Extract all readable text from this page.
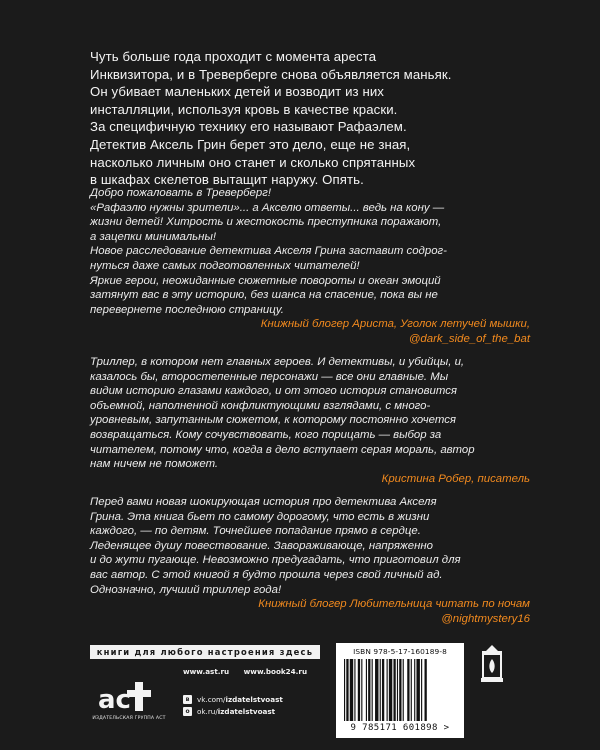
Чуть больше года проходит с момента ареста

Инквизитора, и в Треверберге снова объявляется маньяк.

Он убивает маленьких детей и возводит из них

инсталляции, используя кровь в качестве краски.

За специфичную технику его называют Рафаэлем.

Детектив Аксель Грин берет это дело, еще не зная,

насколько личным оно станет и сколько спрятанных

в шкафах скелетов вытащит наружу. Опять.

Добро пожаловать в Треверберг!
«Рафаэлю нужны зрители»... а Акселю ответы... ведь на кону —
жизни детей! Хитрость и жестокость преступника поражают,
а зацепки минимальны!
Новое расследование детектива Акселя Грина заставит содрог-
нуться даже самых подготовленных читателей!
Яркие герои, неожиданные сюжетные повороты и океан эмоций
затянут вас в эту историю, без шанса на спасение, пока вы не
перевернете последнюю страницу.
Книжный блогер Ариста, Уголок летучей мышки,
@dark_side_of_the_bat
Триллер, в котором нет главных героев. И детективы, и убийцы, и,
казалось бы, второстепенные персонажи — все они главные. Мы
видим историю глазами каждого, и от этого история становится
объемной, наполненной конфликтующими взглядами, с много-
уровневым, запутанным сюжетом, к которому постоянно хочется
возвращаться. Кому сочувствовать, кого порицать — выбор за
читателем, потому что, когда в дело вступает серая мораль, автор
нам ничем не поможет.
Кристина Робер, писатель
Перед вами новая шокирующая история про детектива Акселя
Грина. Эта книга бьет по самому дорогому, что есть в жизни
каждого, — по детям. Точнейшее попадание прямо в сердце.
Леденящее душу повествование. Завораживающе, напряженно
и до жути пугающе. Невозможно предугадать, что приготовил для
вас автор. С этой книгой я будто прошла через свой личный ад.
Однозначно, лучший триллер года!
Книжный блогер Любительница читать по ночам
@nightmystery16
книги для любого настроения здесь
ac
ИЗДАТЕЛЬСКАЯ ГРУППА АСТ
www.ast.ru www.book24.ru
в	vk.com/ izdatelstvoast
о	ok.ru/ izdatelstvoast
ISBN 978-5-17-160189-8
9 785171 601898 >
